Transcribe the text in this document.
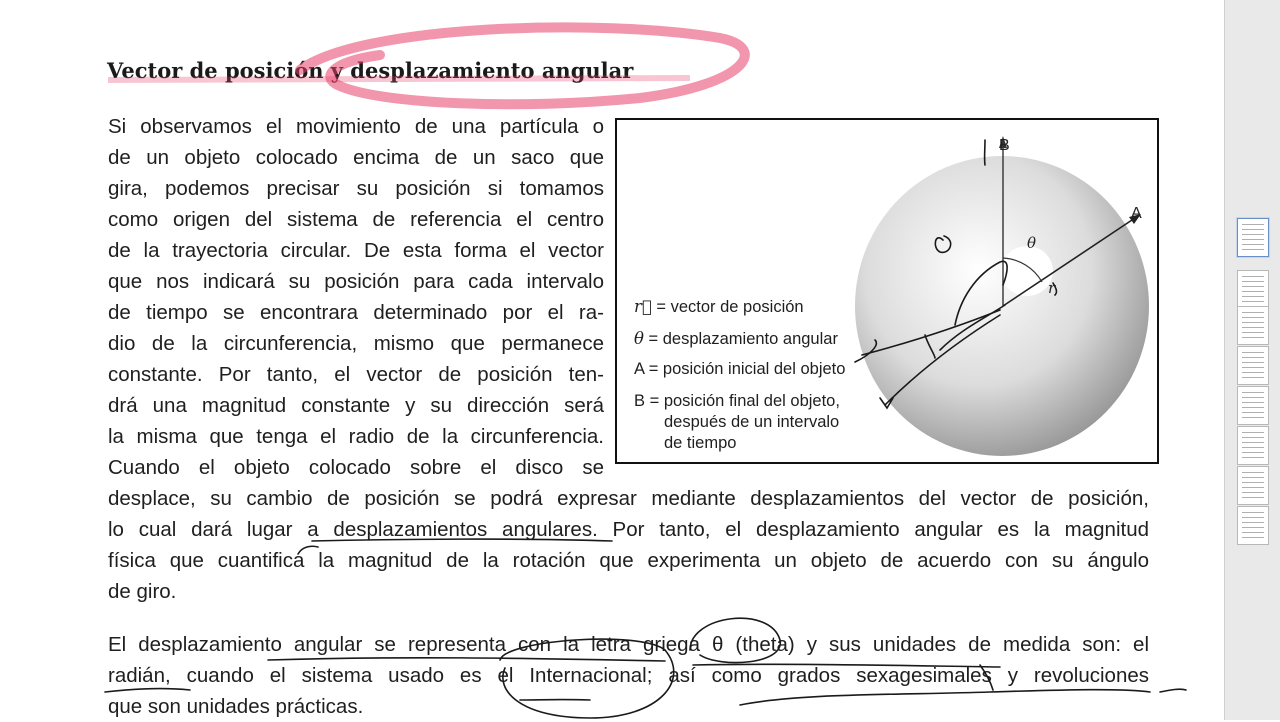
Vector de posición y desplazamiento angular
Si observamos el movimiento de una partícula o
de un objeto colocado encima de un saco que
gira, podemos precisar su posición si tomamos
como origen del sistema de referencia el centro
de la trayectoria circular. De esta forma el vector
que nos indicará su posición para cada intervalo
de tiempo se encontrara determinado por el ra-
dio de la circunferencia, mismo que permanece
constante. Por tanto, el vector de posición ten-
drá una magnitud constante y su dirección será
la misma que tenga el radio de la circunferencia.
Cuando el objeto colocado sobre el disco se
r⃗ = vector de posición
θ = desplazamiento angular
A = posición inicial del objeto
B = posición final del objeto,
después de un intervalo
de tiempo
B
A
θ
r
desplace, su cambio de posición se podrá expresar mediante desplazamientos del vector de posición,
lo cual dará lugar a desplazamientos angulares. Por tanto, el desplazamiento angular es la magnitud
física que cuantifica la magnitud de la rotación que experimenta un objeto de acuerdo con su ángulo
de giro.
El desplazamiento angular se representa con la letra griega θ (theta) y sus unidades de medida son: el
radián, cuando el sistema usado es el Internacional; así como grados sexagesimales y revoluciones
que son unidades prácticas.
